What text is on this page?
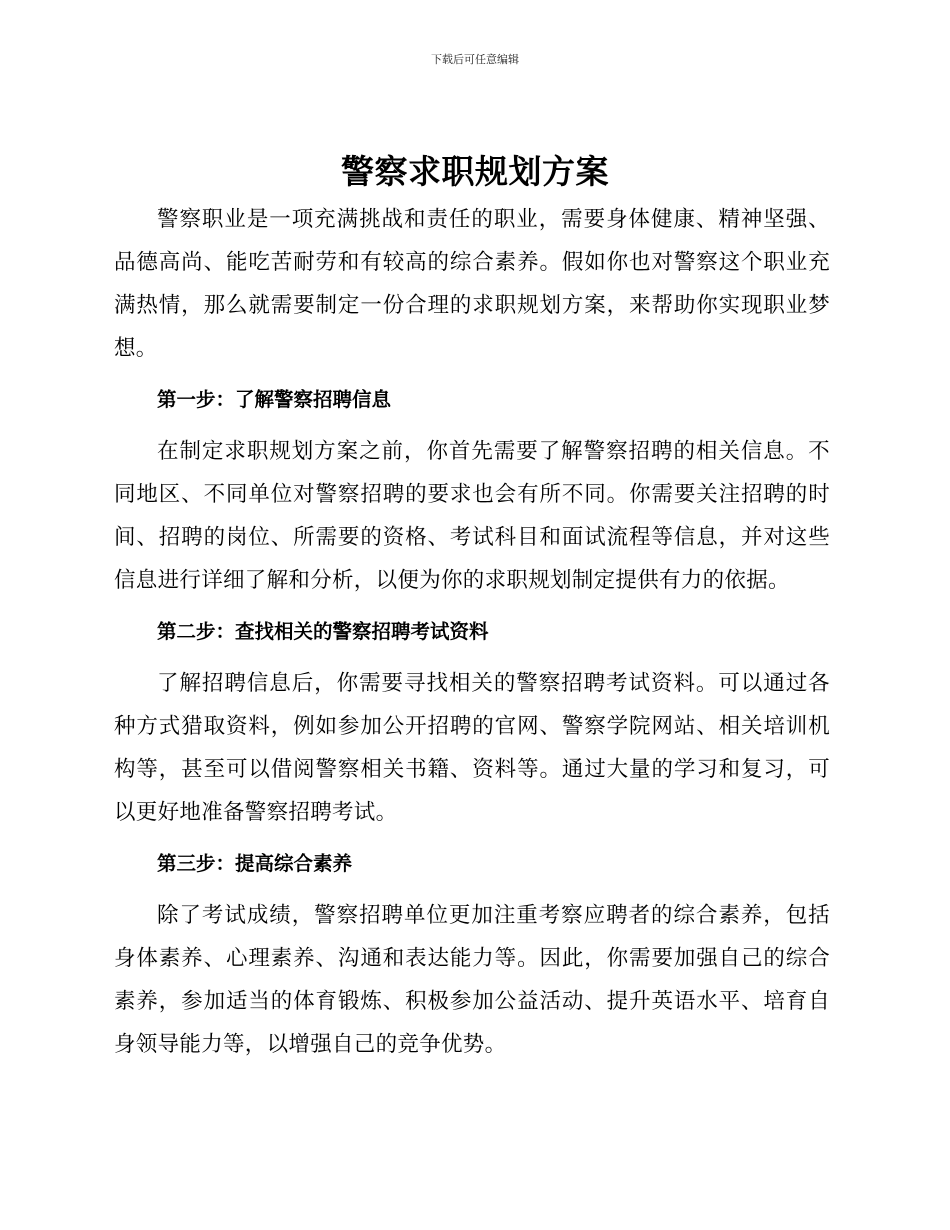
下载后可任意编辑
警察求职规划方案

警察职业是一项充满挑战和责任的职业，需要身体健康、精神坚强、品德高尚、能吃苦耐劳和有较高的综合素养。假如你也对警察这个职业充满热情，那么就需要制定一份合理的求职规划方案，来帮助你实现职业梦想。

第一步：了解警察招聘信息

在制定求职规划方案之前，你首先需要了解警察招聘的相关信息。不同地区、不同单位对警察招聘的要求也会有所不同。你需要关注招聘的时间、招聘的岗位、所需要的资格、考试科目和面试流程等信息，并对这些信息进行详细了解和分析，以便为你的求职规划制定提供有力的依据。

第二步：查找相关的警察招聘考试资料

了解招聘信息后，你需要寻找相关的警察招聘考试资料。可以通过各种方式猎取资料，例如参加公开招聘的官网、警察学院网站、相关培训机构等，甚至可以借阅警察相关书籍、资料等。通过大量的学习和复习，可以更好地准备警察招聘考试。

第三步：提高综合素养

除了考试成绩，警察招聘单位更加注重考察应聘者的综合素养，包括身体素养、心理素养、沟通和表达能力等。因此，你需要加强自己的综合素养，参加适当的体育锻炼、积极参加公益活动、提升英语水平、培育自身领导能力等，以增强自己的竞争优势。
